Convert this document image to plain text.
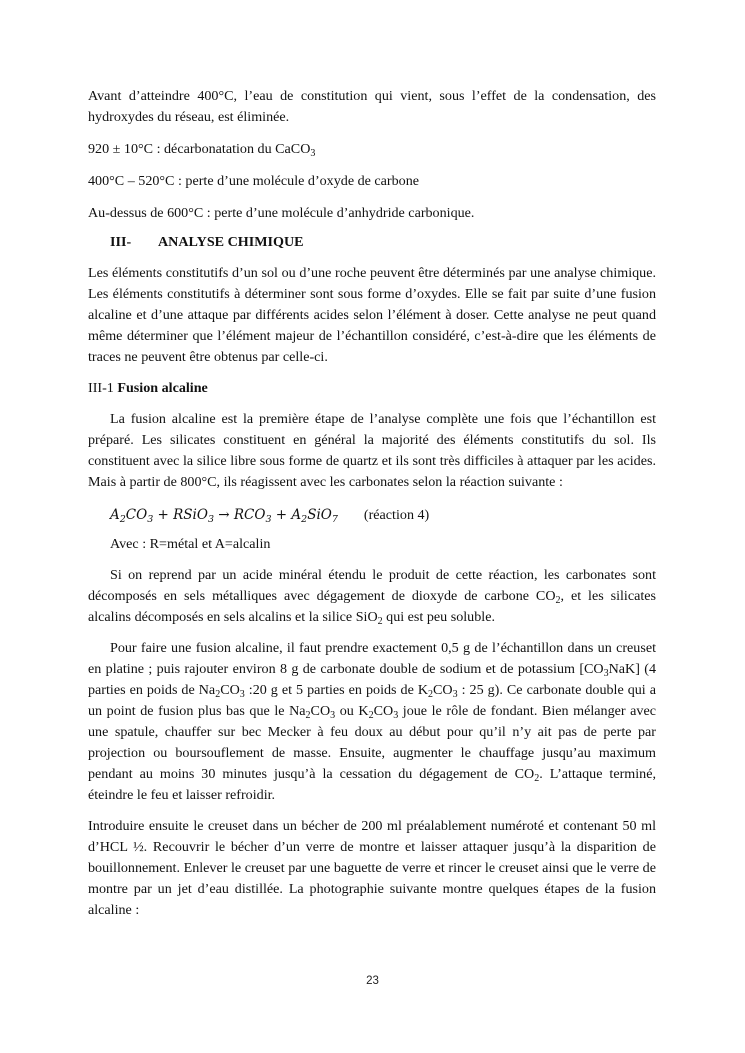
Avant d’atteindre 400°C, l’eau de constitution qui vient, sous l’effet de la condensation, des hydroxydes du réseau, est éliminée.

920 ± 10°C : décarbonatation du CaCO$_3$

400°C – 520°C : perte d’une molécule d’oxyde de carbone

Au-dessus de 600°C : perte d’une molécule d’anhydride carbonique.

III- ANALYSE CHIMIQUE

Les éléments constitutifs d’un sol ou d’une roche peuvent être déterminés par une analyse chimique. Les éléments constitutifs à déterminer sont sous forme d’oxydes. Elle se fait par suite d’une fusion alcaline et d’une attaque par différents acides selon l’élément à doser. Cette analyse ne peut quand même déterminer que l’élément majeur de l’échantillon considéré, c’est-à-dire que les éléments de traces ne peuvent être obtenus par celle-ci.

III-1 Fusion alcaline

La fusion alcaline est la première étape de l’analyse complète une fois que l’échantillon est préparé. Les silicates constituent en général la majorité des éléments constitutifs du sol. Ils constituent avec la silice libre sous forme de quartz et ils sont très difficiles à attaquer par les acides. Mais à partir de 800°C, ils réagissent avec les carbonates selon la réaction suivante :

$A_2CO_3$ + RSiO$_3$ → $RCO_3 + A_2SiO_7$ (réaction 4)

Avec : R=métal et A=alcalin

Si on reprend par un acide minéral étendu le produit de cette réaction, les carbonates sont décomposés en sels métalliques avec dégagement de dioxyde de carbone $CO_2$, et les silicates alcalins décomposés en sels alcalins et la silice SiO$_2$ qui est peu soluble.

Pour faire une fusion alcaline, il faut prendre exactement 0,5 g de l’échantillon dans un creuset en platine ; puis rajouter environ 8 g de carbonate double de sodium et de potassium $[CO_3NaK]$ (4 parties en poids de $Na_2CO_3$ :20 g et 5 parties en poids de $K_2CO_3$ : 25 g). Ce carbonate double qui a un point de fusion plus bas que le $Na_2CO_3$ ou $K_2CO_3$ joue le rôle de fondant. Bien mélanger avec une spatule, chauffer sur bec Mecker à feu doux au début pour qu’il n’y ait pas de perte par projection ou boursouflement de masse. Ensuite, augmenter le chauffage jusqu’au maximum pendant au moins 30 minutes jusqu’à la cessation du dégagement de $CO_2$. L’attaque terminé, éteindre le feu et laisser refroidir.

Introduire ensuite le creuset dans un bécher de 200 ml préalablement numéroté et contenant 50 ml d’HCL ½. Recouvrir le bécher d’un verre de montre et laisser attaquer jusqu’à la disparition de bouillonnement. Enlever le creuset par une baguette de verre et rincer le creuset ainsi que le verre de montre par un jet d’eau distillée. La photographie suivante montre quelques étapes de la fusion alcaline :

23
